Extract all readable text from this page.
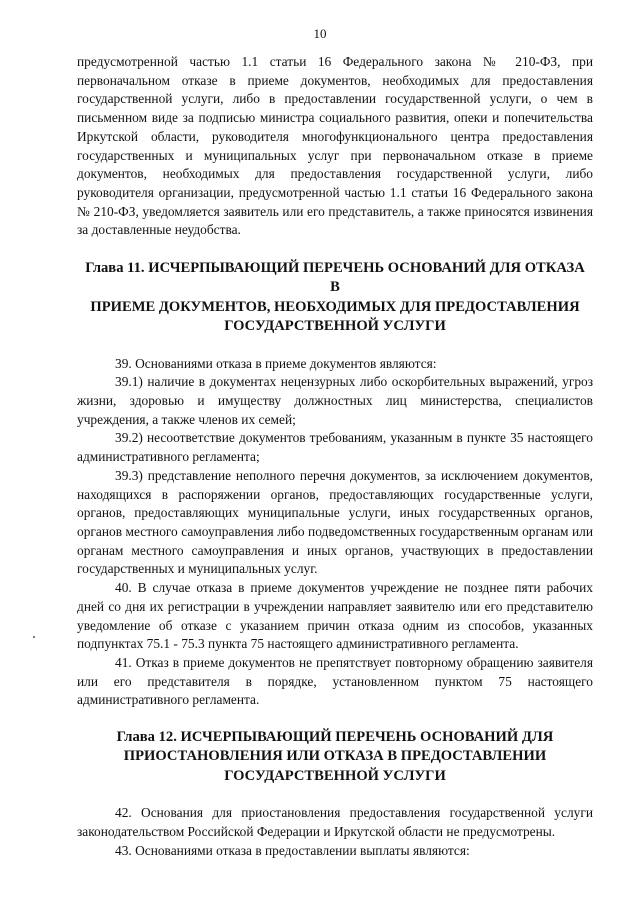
10

предусмотренной частью 1.1 статьи 16 Федерального закона № 210-ФЗ, при первоначальном отказе в приеме документов, необходимых для предоставления государственной услуги, либо в предоставлении государственной услуги, о чем в письменном виде за подписью министра социального развития, опеки и попечительства Иркутской области, руководителя многофункционального центра предоставления государственных и муниципальных услуг при первоначальном отказе в приеме документов, необходимых для предоставления государственной услуги, либо руководителя организации, предусмотренной частью 1.1 статьи 16 Федерального закона № 210-ФЗ, уведомляется заявитель или его представитель, а также приносятся извинения за доставленные неудобства.

Глава 11. ИСЧЕРПЫВАЮЩИЙ ПЕРЕЧЕНЬ ОСНОВАНИЙ ДЛЯ ОТКАЗА В
ПРИЕМЕ ДОКУМЕНТОВ, НЕОБХОДИМЫХ ДЛЯ ПРЕДОСТАВЛЕНИЯ
ГОСУДАРСТВЕННОЙ УСЛУГИ

39. Основаниями отказа в приеме документов являются:

39.1) наличие в документах нецензурных либо оскорбительных выражений, угроз жизни, здоровью и имуществу должностных лиц министерства, специалистов учреждения, а также членов их семей;

39.2) несоответствие документов требованиям, указанным в пункте 35 настоящего административного регламента;

39.3) представление неполного перечня документов, за исключением документов, находящихся в распоряжении органов, предоставляющих государственные услуги, органов, предоставляющих муниципальные услуги, иных государственных органов, органов местного самоуправления либо подведомственных государственным органам или органам местного самоуправления и иных органов, участвующих в предоставлении государственных и муниципальных услуг.

40. В случае отказа в приеме документов учреждение не позднее пяти рабочих дней со дня их регистрации в учреждении направляет заявителю или его представителю уведомление об отказе с указанием причин отказа одним из способов, указанных подпунктах 75.1 - 75.3 пункта 75 настоящего административного регламента.

41. Отказ в приеме документов не препятствует повторному обращению заявителя или его представителя в порядке, установленном пунктом 75 настоящего административного регламента.

Глава 12. ИСЧЕРПЫВАЮЩИЙ ПЕРЕЧЕНЬ ОСНОВАНИЙ ДЛЯ
ПРИОСТАНОВЛЕНИЯ ИЛИ ОТКАЗА В ПРЕДОСТАВЛЕНИИ
ГОСУДАРСТВЕННОЙ УСЛУГИ

42. Основания для приостановления предоставления государственной услуги законодательством Российской Федерации и Иркутской области не предусмотрены.

43. Основаниями отказа в предоставлении выплаты являются:
